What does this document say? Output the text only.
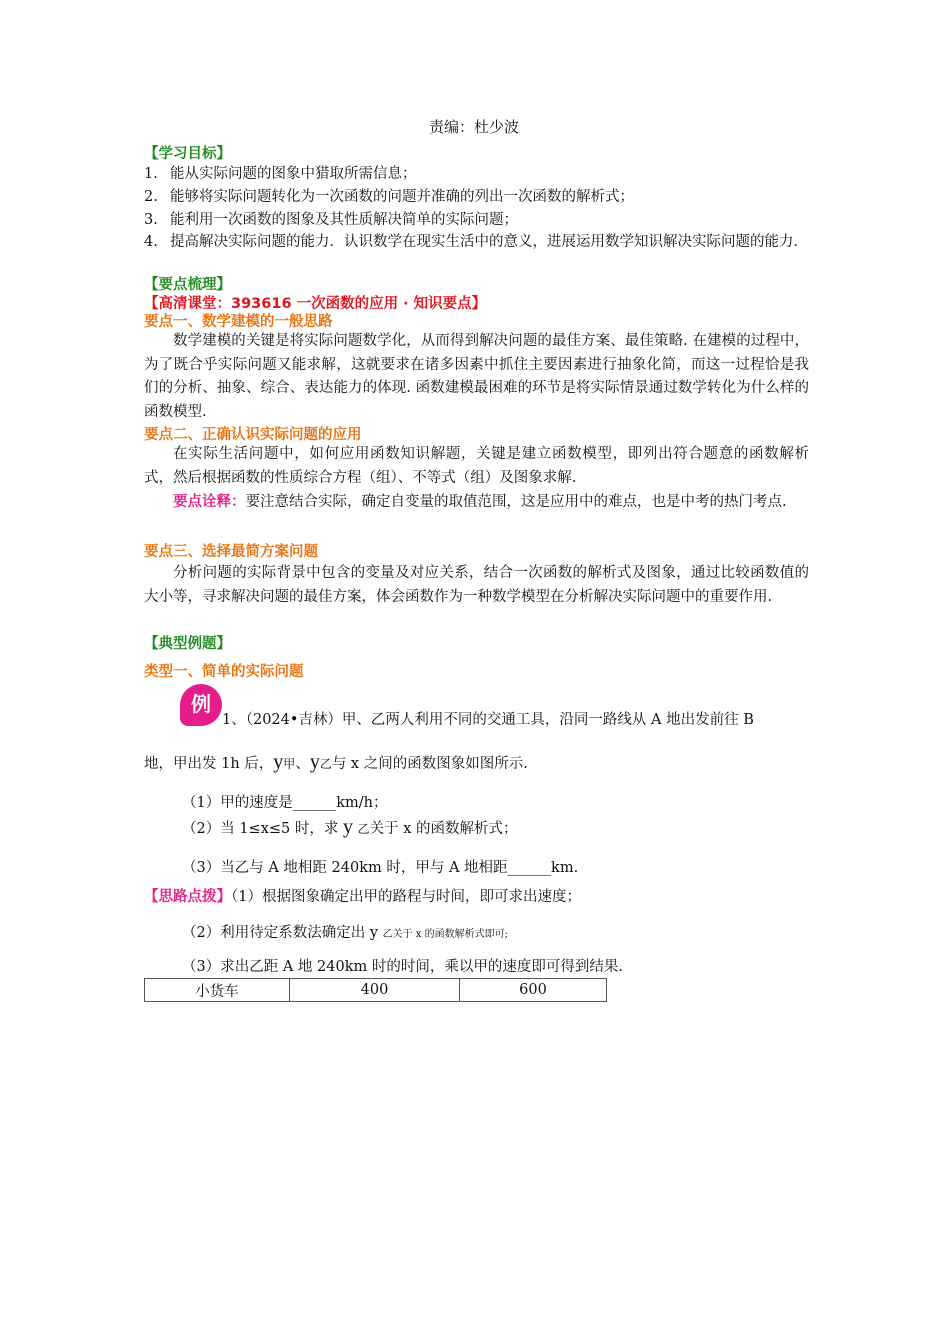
责编：杜少波
【学习目标】
1. 能从实际问题的图象中猎取所需信息；
2. 能够将实际问题转化为一次函数的问题并准确的列出一次函数的解析式；
3. 能利用一次函数的图象及其性质解决简单的实际问题；
4. 提高解决实际问题的能力．认识数学在现实生活中的意义，进展运用数学知识解决实际问题的能力．
【要点梳理】
【高清课堂：393616 一次函数的应用 · 知识要点】
要点一、数学建模的一般思路
数学建模的关键是将实际问题数学化，从而得到解决问题的最佳方案、最佳策略. 在建模的过程中，为了既合乎实际问题又能求解，这就要求在诸多因素中抓住主要因素进行抽象化简，而这一过程恰是我们的分析、抽象、综合、表达能力的体现. 函数建模最困难的环节是将实际情景通过数学转化为什么样的函数模型.
要点二、正确认识实际问题的应用
在实际生活问题中，如何应用函数知识解题，关键是建立函数模型，即列出符合题意的函数解析式，然后根据函数的性质综合方程（组）、不等式（组）及图象求解.
要点诠释：要注意结合实际，确定自变量的取值范围，这是应用中的难点，也是中考的热门考点.
要点三、选择最简方案问题
分析问题的实际背景中包含的变量及对应关系，结合一次函数的解析式及图象，通过比较函数值的大小等，寻求解决问题的最佳方案，体会函数作为一种数学模型在分析解决实际问题中的重要作用.
【典型例题】
类型一、简单的实际问题
例
1、（2024•吉林）甲、乙两人利用不同的交通工具，沿同一路线从 A 地出发前往 B
地，甲出发 1h 后，y甲、y乙与 x 之间的函数图象如图所示.
（1）甲的速度是______km/h；
（2）当 1≤x≤5 时，求 y 乙关于 x 的函数解析式；
（3）当乙与 A 地相距 240km 时，甲与 A 地相距______km.
【思路点拨】（1）根据图象确定出甲的路程与时间，即可求出速度；
（2）利用待定系数法确定出 y 乙关于 x 的函数解析式即可;
（3）求出乙距 A 地 240km 时的时间，乘以甲的速度即可得到结果.
小货车	400	600
